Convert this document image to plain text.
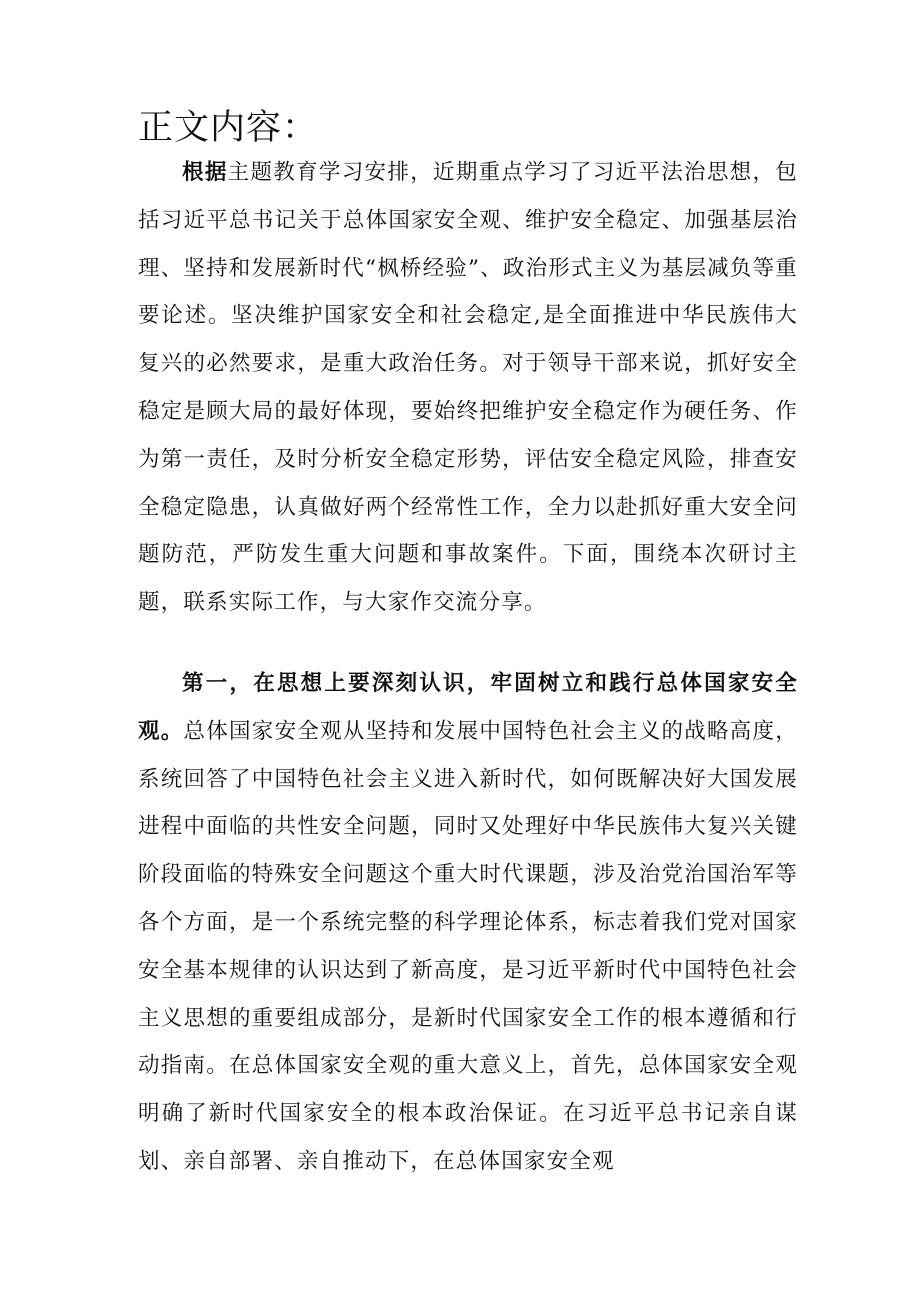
正文内容：

根据主题教育学习安排，近期重点学习了习近平法治思想，包括习近平总书记关于总体国家安全观、维护安全稳定、加强基层治理、坚持和发展新时代“枫桥经验”、政治形式主义为基层减负等重要论述。坚决维护国家安全和社会稳定,是全面推进中华民族伟大复兴的必然要求，是重大政治任务。对于领导干部来说，抓好安全稳定是顾大局的最好体现，要始终把维护安全稳定作为硬任务、作为第一责任，及时分析安全稳定形势，评估安全稳定风险，排查安全稳定隐患，认真做好两个经常性工作，全力以赴抓好重大安全问题防范，严防发生重大问题和事故案件。下面，围绕本次研讨主题，联系实际工作，与大家作交流分享。

第一，在思想上要深刻认识，牢固树立和践行总体国家安全观。总体国家安全观从坚持和发展中国特色社会主义的战略高度，系统回答了中国特色社会主义进入新时代，如何既解决好大国发展进程中面临的共性安全问题，同时又处理好中华民族伟大复兴关键阶段面临的特殊安全问题这个重大时代课题，涉及治党治国治军等各个方面，是一个系统完整的科学理论体系，标志着我们党对国家安全基本规律的认识达到了新高度，是习近平新时代中国特色社会主义思想的重要组成部分，是新时代国家安全工作的根本遵循和行动指南。在总体国家安全观的重大意义上，首先，总体国家安全观明确了新时代国家安全的根本政治保证。在习近平总书记亲自谋划、亲自部署、亲自推动下，在总体国家安全观
